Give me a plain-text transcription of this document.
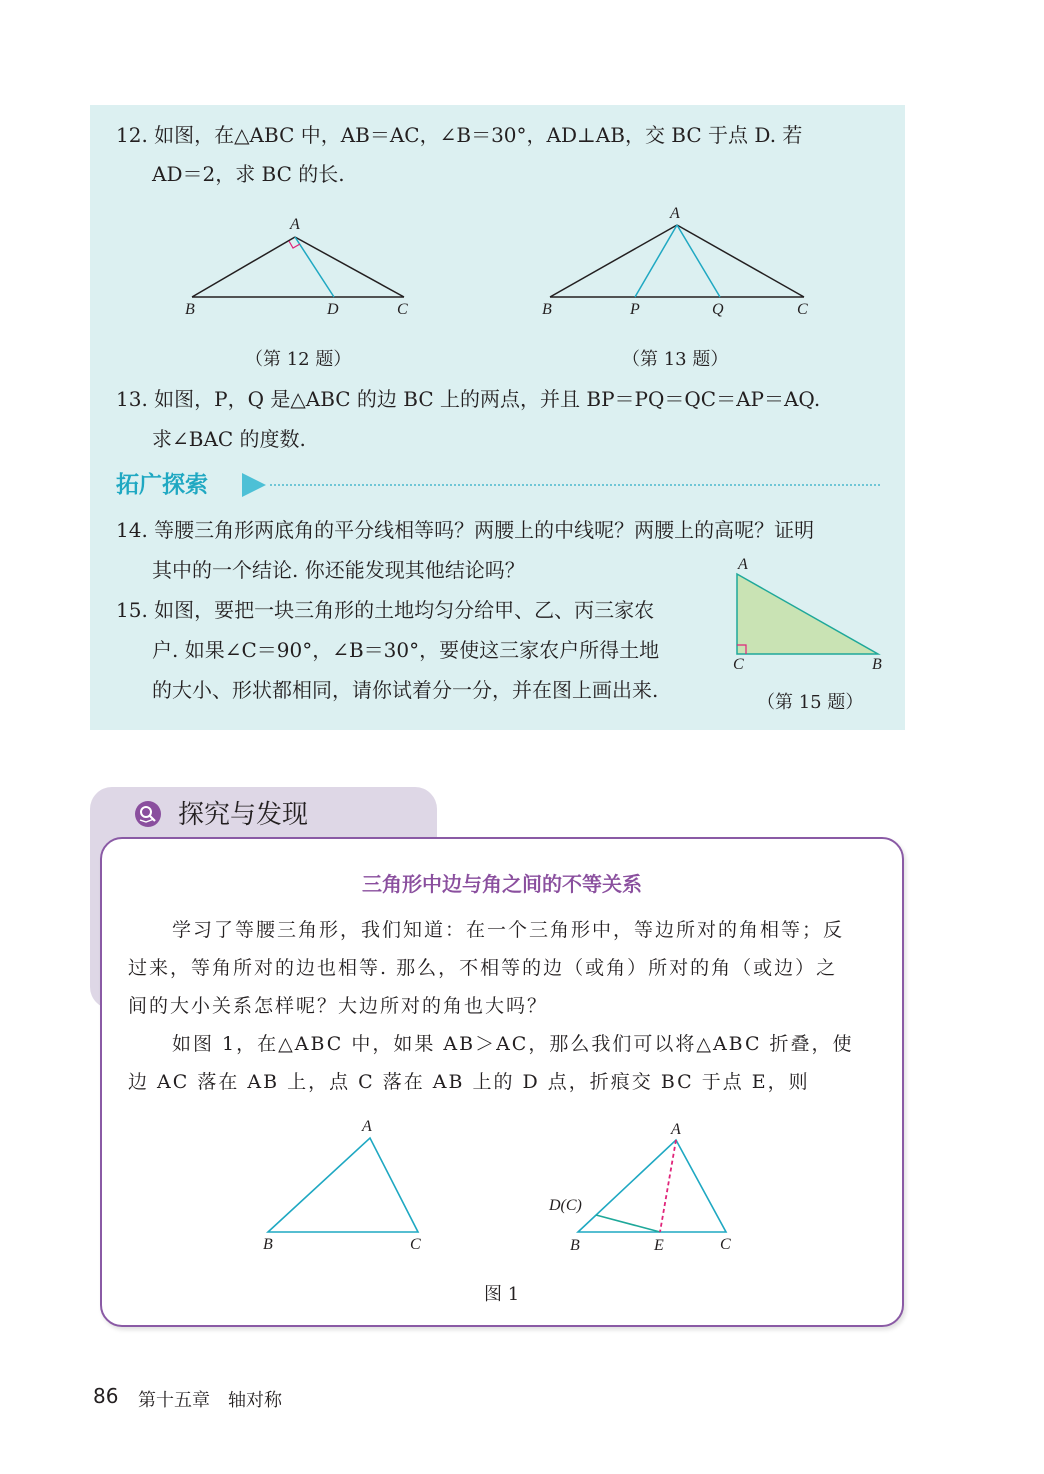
12. 如图，在△ABC 中，AB＝AC，∠B＝30°，AD⊥AB，交 BC 于点 D. 若
AD＝2，求 BC 的长.
A
B	D	C
（第 12 题）
A
B	P	Q	C
（第 13 题）
13. 如图，P，Q 是△ABC 的边 BC 上的两点，并且 BP＝PQ＝QC＝AP＝AQ.
求∠BAC 的度数.
拓广探索
14. 等腰三角形两底角的平分线相等吗？两腰上的中线呢？两腰上的高呢？证明
其中的一个结论. 你还能发现其他结论吗？
15. 如图，要把一块三角形的土地均匀分给甲、乙、丙三家农
户. 如果∠C＝90°，∠B＝30°，要使这三家农户所得土地
的大小、形状都相同，请你试着分一分，并在图上画出来.
A
C	B
（第 15 题）
探究与发现
三角形中边与角之间的不等关系
学习了等腰三角形，我们知道：在一个三角形中，等边所对的角相等；反
过来，等角所对的边也相等. 那么，不相等的边（或角）所对的角（或边）之
间的大小关系怎样呢？大边所对的角也大吗？
如图 1，在△ABC 中，如果 AB＞AC，那么我们可以将△ABC 折叠，使
边 AC 落在 AB 上，点 C 落在 AB 上的 D 点，折痕交 BC 于点 E，则
A
B	C
A
D(C)
B	E	C
图 1
86 第十五章　轴对称
